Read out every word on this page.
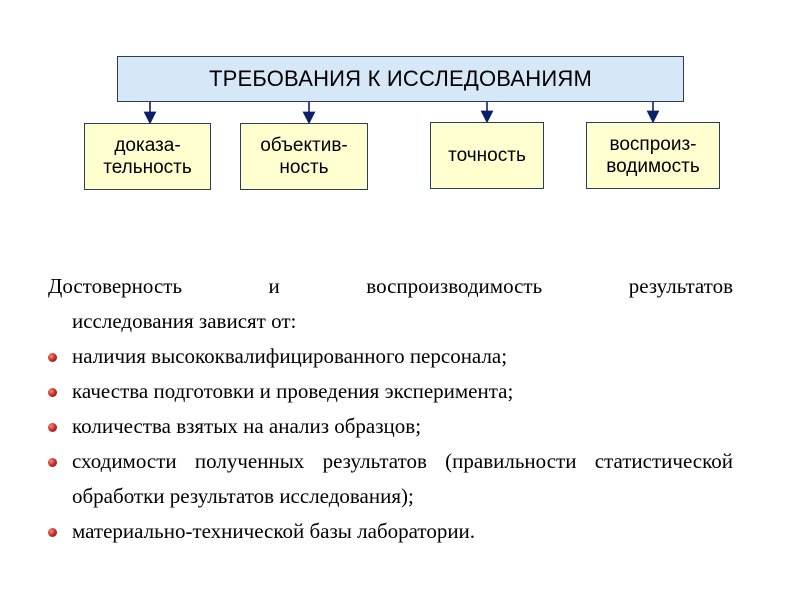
ТРЕБОВАНИЯ К ИССЛЕДОВАНИЯМ
доказа-
тельность
объектив-
ность
точность
воспроиз-
водимость

Достоверность и воспроизводимость результатов
исследования зависят от:

наличия высококвалифицированного персонала;
качества подготовки и проведения эксперимента;
количества взятых на анализ образцов;
сходимости полученных результатов (правильности статистической обработки результатов исследования);
материально-технической базы лаборатории.
